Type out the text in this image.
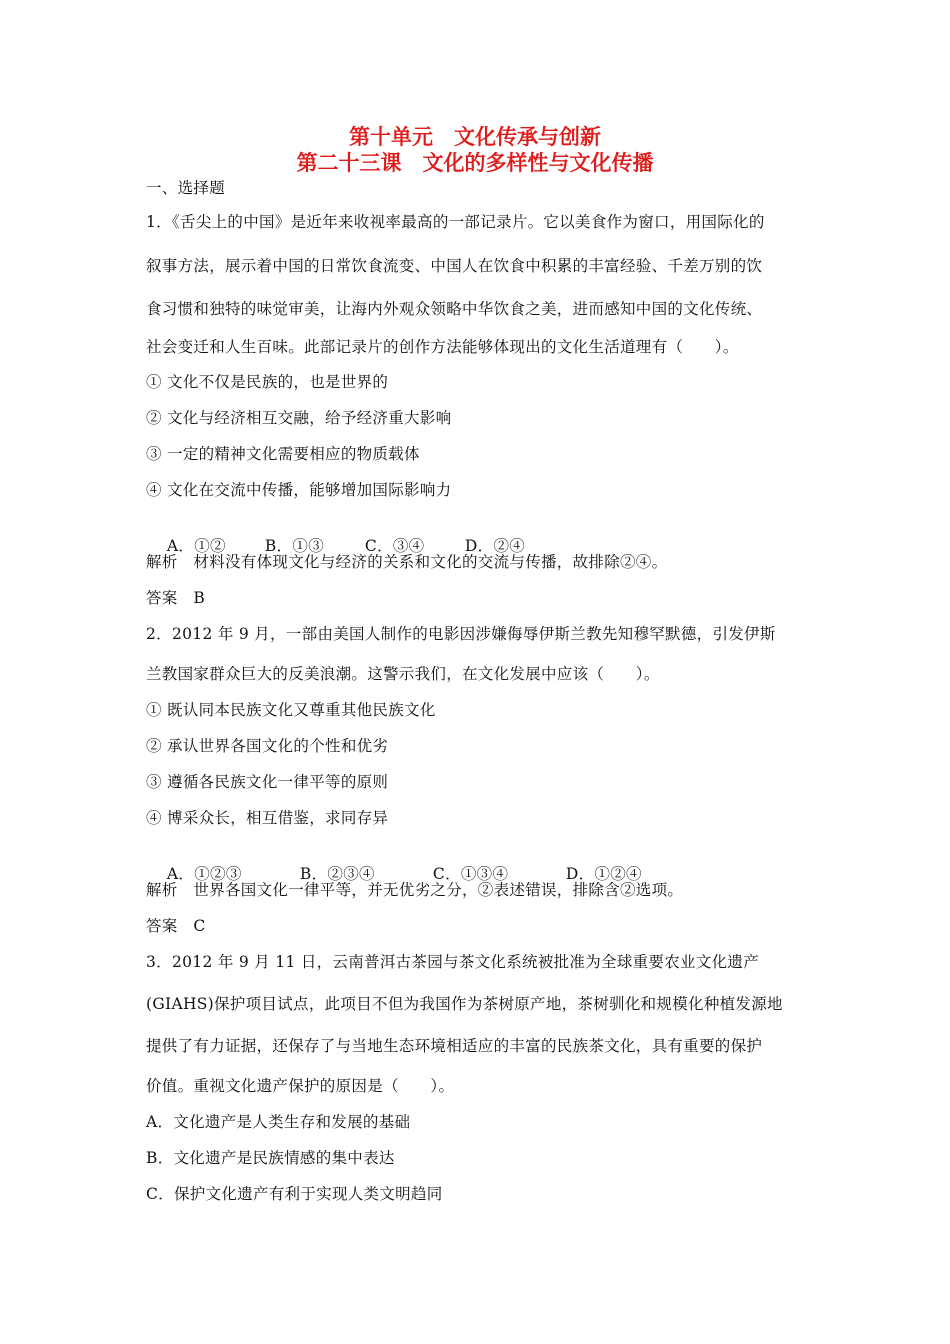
第十单元　文化传承与创新
第二十三课　文化的多样性与文化传播
一、选择题
1．《舌尖上的中国》是近年来收视率最高的一部记录片。它以美食作为窗口，用国际化的
叙事方法，展示着中国的日常饮食流变、中国人在饮食中积累的丰富经验、千差万别的饮
食习惯和独特的味觉审美，让海内外观众领略中华饮食之美，进而感知中国的文化传统、
社会变迁和人生百味。此部记录片的创作方法能够体现出的文化生活道理有（　　）。
① 文化不仅是民族的，也是世界的
② 文化与经济相互交融，给予经济重大影响
③ 一定的精神文化需要相应的物质载体
④ 文化在交流中传播，能够增加国际影响力

A．①②	B．①③	C．③④	D．②④

解析　材料没有体现文化与经济的关系和文化的交流与传播，故排除②④。
答案　B
2．2012 年 9 月，一部由美国人制作的电影因涉嫌侮辱伊斯兰教先知穆罕默德，引发伊斯
兰教国家群众巨大的反美浪潮。这警示我们，在文化发展中应该（　　）。
① 既认同本民族文化又尊重其他民族文化
② 承认世界各国文化的个性和优劣
③ 遵循各民族文化一律平等的原则
④ 博采众长，相互借鉴，求同存异

A．①②③	B．②③④	C．①③④	D．①②④

解析　世界各国文化一律平等，并无优劣之分，②表述错误，排除含②选项。
答案　C
3．2012 年 9 月 11 日，云南普洱古茶园与茶文化系统被批准为全球重要农业文化遗产
(GIAHS)保护项目试点，此项目不但为我国作为茶树原产地，茶树驯化和规模化种植发源地
提供了有力证据，还保存了与当地生态环境相适应的丰富的民族茶文化，具有重要的保护
价值。重视文化遗产保护的原因是（　　）。
A．文化遗产是人类生存和发展的基础
B．文化遗产是民族情感的集中表达
C．保护文化遗产有利于实现人类文明趋同
